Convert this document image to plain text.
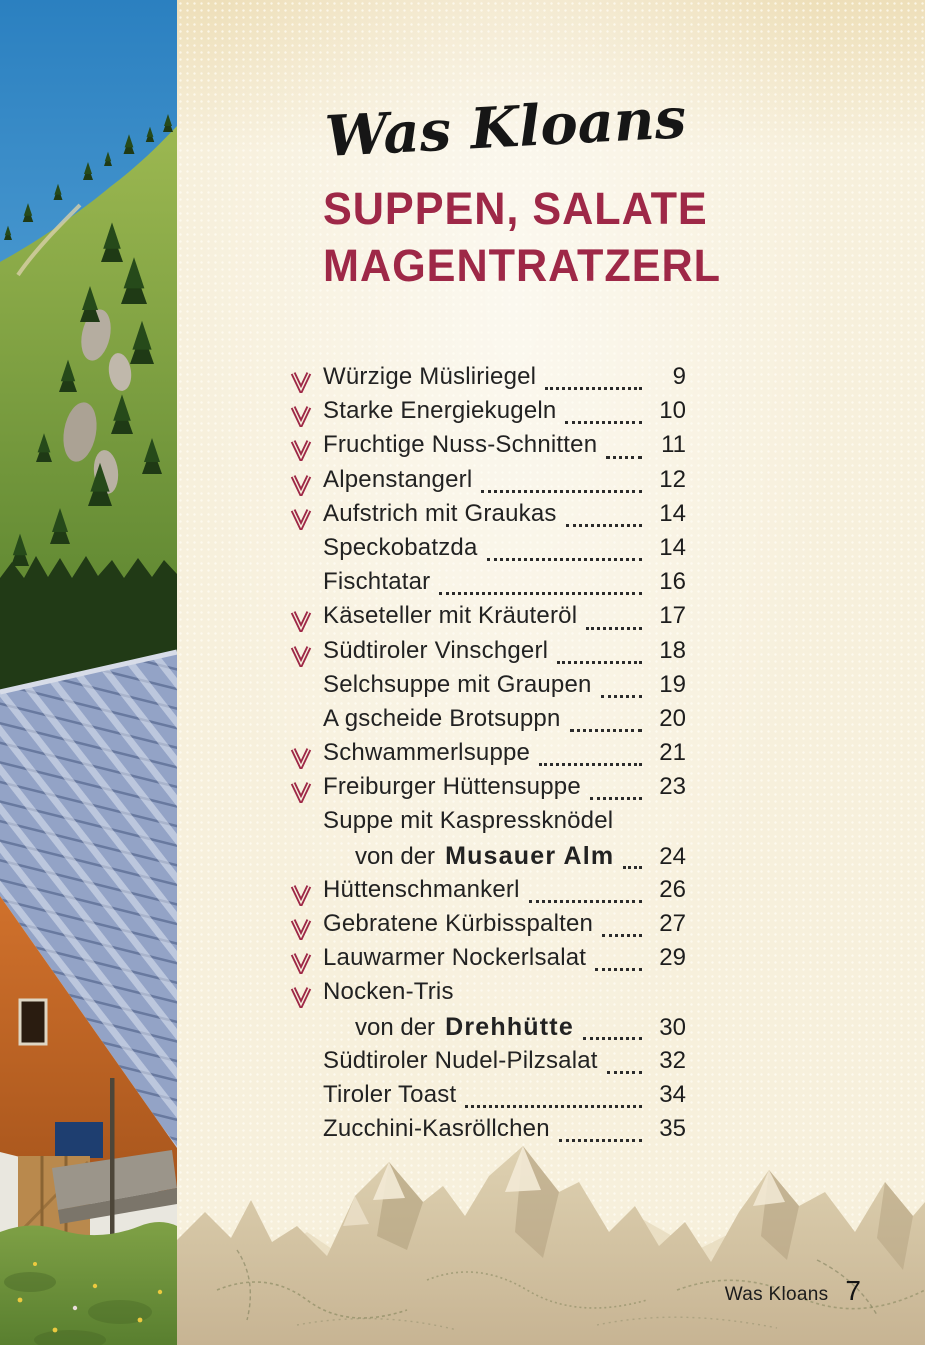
Was Kloans
SUPPEN, SALATE
MAGENTRATZERL
Würzige Müsliriegel	9
Starke Energiekugeln	10
Fruchtige Nuss-Schnitten	11
Alpenstangerl	12
Aufstrich mit Graukas	14
Speckobatzda	14
Fischtatar	16
Käseteller mit Kräuteröl	17
Südtiroler Vinschgerl	18
Selchsuppe mit Graupen	19
A gscheide Brotsuppn	20
Schwammerlsuppe	21
Freiburger Hüttensuppe	23
Suppe mit Kaspressknödel
von der Musauer Alm	24
Hüttenschmankerl	26
Gebratene Kürbisspalten	27
Lauwarmer Nockerlsalat	29
Nocken-Tris
von der Drehhütte	30
Südtiroler Nudel-Pilzsalat	32
Tiroler Toast	34
Zucchini-Kasröllchen	35
Was Kloans 7
